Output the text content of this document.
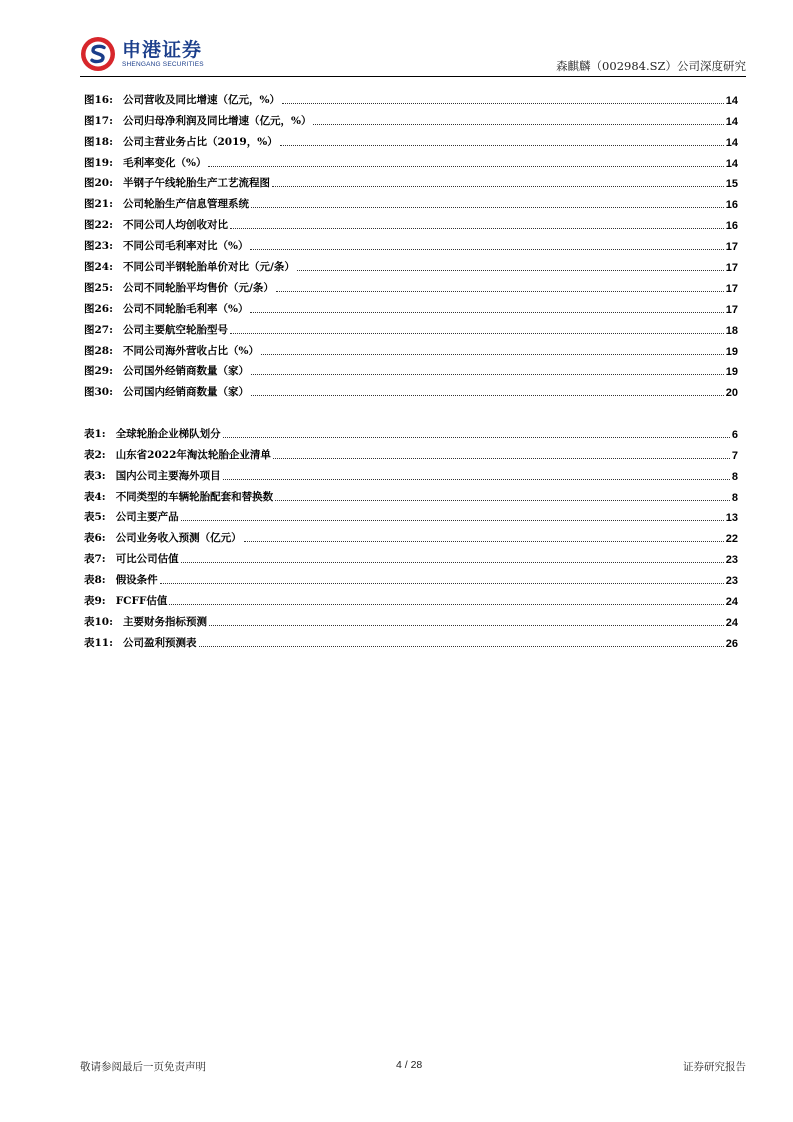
申港证券
SHENGANG SECURITIES	森麒麟（002984.SZ）公司深度研究
图16: 公司营收及同比增速（亿元，%）	14
图17: 公司归母净利润及同比增速（亿元，%）	14
图18: 公司主营业务占比（2019，%）	14
图19: 毛利率变化（%）	14
图20: 半钢子午线轮胎生产工艺流程图	15
图21: 公司轮胎生产信息管理系统	16
图22: 不同公司人均创收对比	16
图23: 不同公司毛利率对比（%）	17
图24: 不同公司半钢轮胎单价对比（元/条）	17
图25: 公司不同轮胎平均售价（元/条）	17
图26: 公司不同轮胎毛利率（%）	17
图27: 公司主要航空轮胎型号	18
图28: 不同公司海外营收占比（%）	19
图29: 公司国外经销商数量（家）	19
图30: 公司国内经销商数量（家）	20
表1: 全球轮胎企业梯队划分	6
表2: 山东省2022年淘汰轮胎企业清单	7
表3: 国内公司主要海外项目	8
表4: 不同类型的车辆轮胎配套和替换数	8
表5: 公司主要产品	13
表6: 公司业务收入预测（亿元）	22
表7: 可比公司估值	23
表8: 假设条件	23
表9: FCFF估值	24
表10: 主要财务指标预测	24
表11: 公司盈利预测表	26
敬请参阅最后一页免责声明	4 / 28	证券研究报告
